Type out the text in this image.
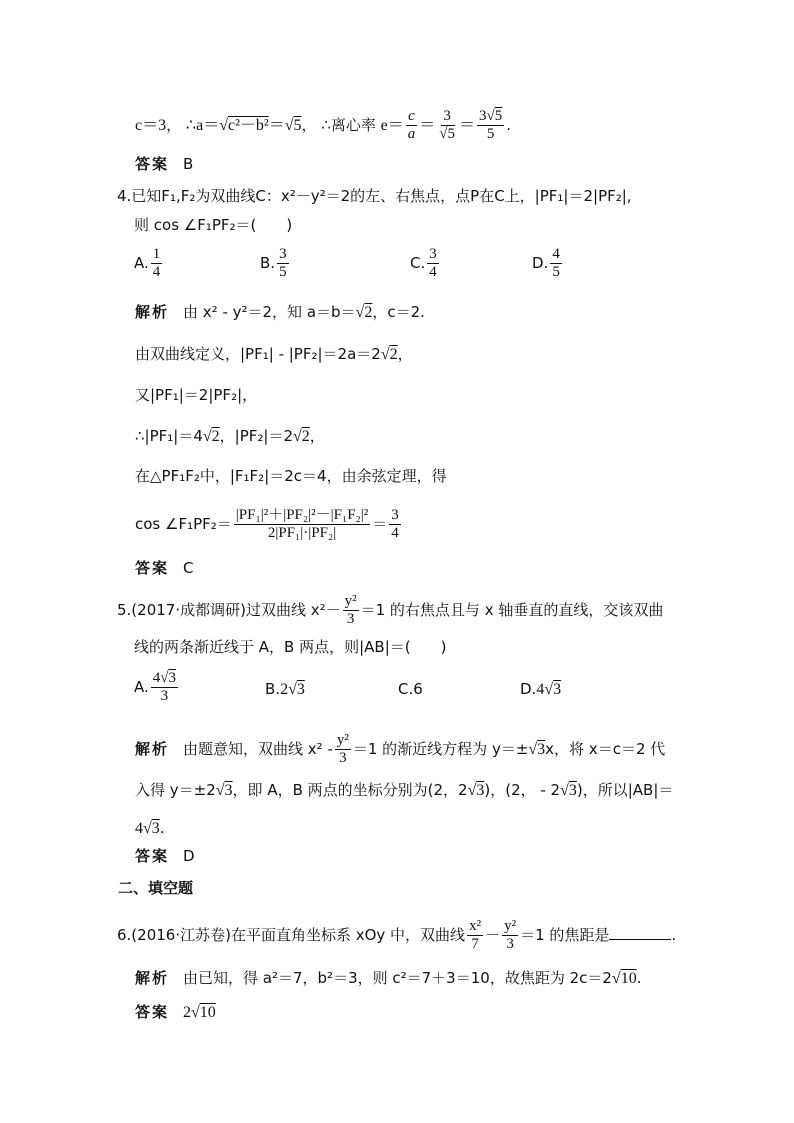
c＝3， ∴a＝√c²－b²＝√5， ∴离心率 $e= \frac{c}{a} = \frac{3}{√5} = \frac{3√5}{5}$ .
答案 B
4.已知F₁,F₂为双曲线C：x²－y²＝2的左、右焦点，点P在C上，|PF₁|＝2|PF₂|,
则 cos ∠F₁PF₂＝(　　)
A. $\frac{1}{4}$	B. $\frac{3}{5}$	C. $\frac{3}{4}$	D. $\frac{4}{5}$
解析 由 x² - y²＝2，知 a＝b＝√2，c＝2.
由双曲线定义，|PF₁| - |PF₂|＝2a＝2√2，
又|PF₁|＝2|PF₂|，
∴|PF₁|＝4√2，|PF₂|＝2√2，
在△PF₁F₂中，|F₁F₂|＝2c＝4，由余弦定理，得
cos ∠F₁PF₂＝ $\frac{\text{|PF₁|²＋|PF₂|²－|F₁F₂|²}}{\text{2|PF₁|·|PF₂|}} = \frac{3}{4}$
答案 C
5.(2017·成都调研)过双曲线 $x^2- \frac{\text{y²}}{3} =1$ 的右焦点且与 x 轴垂直的直线，交该双曲
线的两条渐近线于 A，B 两点，则|AB|＝(　　)
A. $\frac{4√3}{3}$	B.2√3	C.6	D.4√3
解析 由题意知，双曲线 $x^2 - \frac{\text{y²}}{3} =1$ 的渐近线方程为 y＝±√3x，将 x＝c＝2 代
入得 y＝±2√3，即 A，B 两点的坐标分别为(2，2√3)，(2， - 2√3)，所以|AB|＝
4√3.
答案 D
二、填空题
6.(2016·江苏卷)在平面直角坐标系 xOy 中，双曲线 $\frac{\text{x²}}{7} - \frac{\text{y²}}{3} =1$ 的焦距是	.
解析 由已知，得 a²＝7，b²＝3，则 c²＝7＋3＝10，故焦距为 2c＝2√10.
答案 2√10
